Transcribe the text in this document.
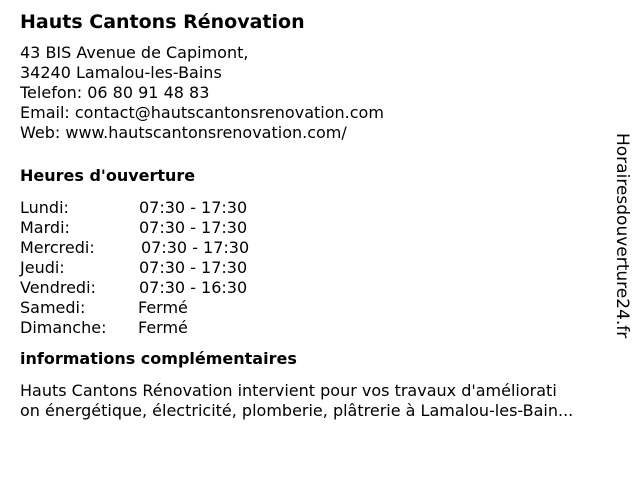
Hauts Cantons Rénovation
43 BIS Avenue de Capimont,
34240 Lamalou-les-Bains
Telefon: 06 80 91 48 83
Email: contact@hautscantonsrenovation.com
Web: www.hautscantonsrenovation.com/
Heures d'ouverture
Lundi:	07:30 - 17:30
Mardi:	07:30 - 17:30
Mercredi:	07:30 - 17:30
Jeudi:	07:30 - 17:30
Vendredi:	07:30 - 16:30
Samedi:	Fermé
Dimanche:	Fermé
informations complémentaires
Hauts Cantons Rénovation intervient pour vos travaux d'améliorati
on énergétique, électricité, plomberie, plâtrerie à Lamalou-les-Bain...
Horairesdouverture24.fr
